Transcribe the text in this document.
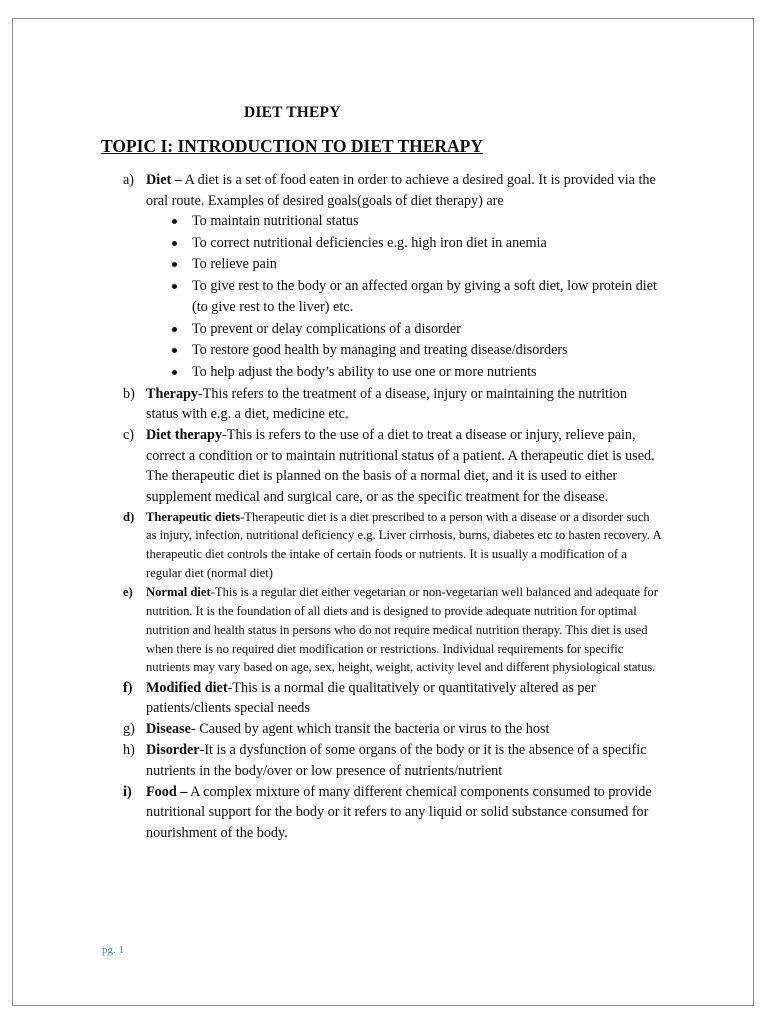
DIET THEPY
TOPIC I: INTRODUCTION TO DIET THERAPY
a) Diet – A diet is a set of food eaten in order to achieve a desired goal. It is provided via the oral route. Examples of desired goals(goals of diet therapy) are
To maintain nutritional status
To correct nutritional deficiencies e.g. high iron diet in anemia
To relieve pain
To give rest to the body or an affected organ by giving a soft diet, low protein diet (to give rest to the liver) etc.
To prevent or delay complications of a disorder
To restore good health by managing and treating disease/disorders
To help adjust the body’s ability to use one or more nutrients
b) Therapy-This refers to the treatment of a disease, injury or maintaining the nutrition status with e.g. a diet, medicine etc.
c) Diet therapy-This is refers to the use of a diet to treat a disease or injury, relieve pain, correct a condition or to maintain nutritional status of a patient. A therapeutic diet is used. The therapeutic diet is planned on the basis of a normal diet, and it is used to either supplement medical and surgical care, or as the specific treatment for the disease.
d) Therapeutic diets-Therapeutic diet is a diet prescribed to a person with a disease or a disorder such as injury, infection, nutritional deficiency e.g. Liver cirrhosis, burns, diabetes etc to hasten recovery. A therapeutic diet controls the intake of certain foods or nutrients. It is usually a modification of a regular diet (normal diet)
e) Normal diet-This is a regular diet either vegetarian or non-vegetarian well balanced and adequate for nutrition. It is the foundation of all diets and is designed to provide adequate nutrition for optimal nutrition and health status in persons who do not require medical nutrition therapy. This diet is used when there is no required diet modification or restrictions. Individual requirements for specific nutrients may vary based on age, sex, height, weight, activity level and different physiological status.
f) Modified diet-This is a normal die qualitatively or quantitatively altered as per patients/clients special needs
g) Disease- Caused by agent which transit the bacteria or virus to the host
h) Disorder-It is a dysfunction of some organs of the body or it is the absence of a specific nutrients in the body/over or low presence of nutrients/nutrient
i) Food – A complex mixture of many different chemical components consumed to provide nutritional support for the body or it refers to any liquid or solid substance consumed for nourishment of the body.
pg. 1
